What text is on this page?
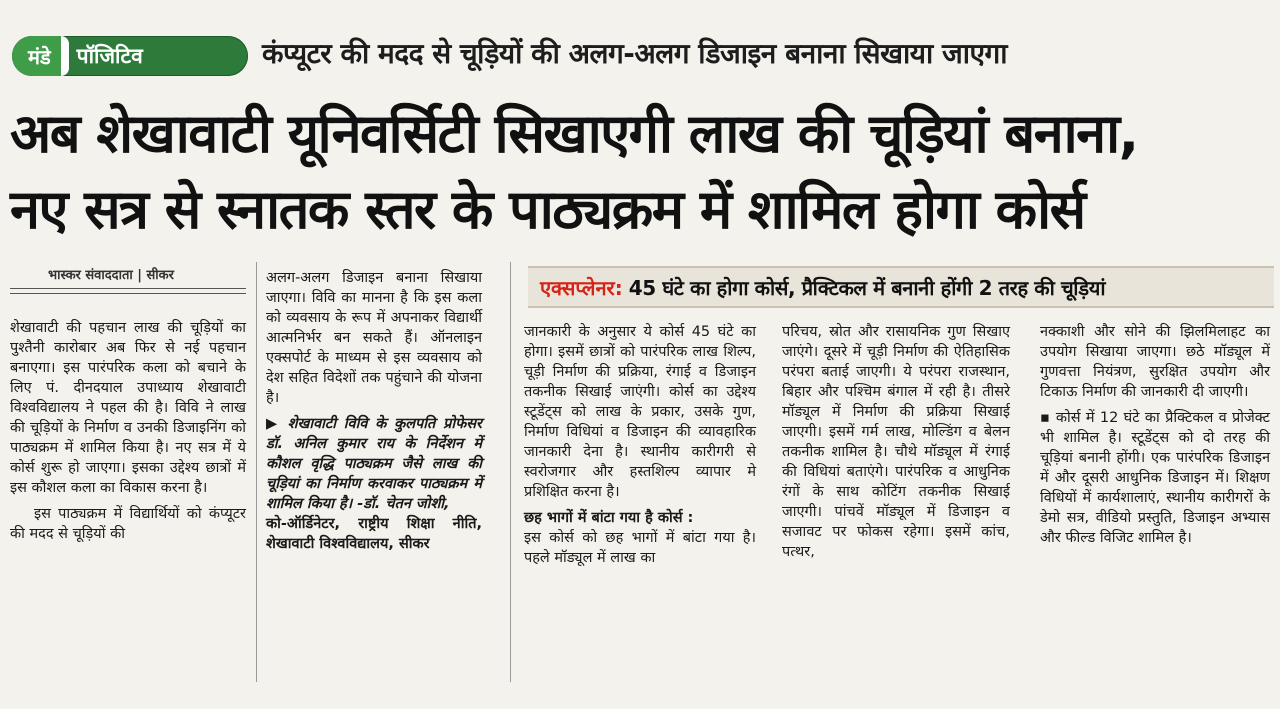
मंडे	पॉजिटिव	कंप्यूटर की मदद से चूड़ियों की अलग-अलग डिजाइन बनाना सिखाया जाएगा
अब शेखावाटी यूनिवर्सिटी सिखाएगी लाख की चूड़ियां बनाना,
नए सत्र से स्नातक स्तर के पाठ्यक्रम में शामिल होगा कोर्स
भास्कर संवाददाता | सीकर

शेखावाटी की पहचान लाख की चूड़ियों का पुश्तैनी कारोबार अब फिर से नई पहचान बनाएगा। इस पारंपरिक कला को बचाने के लिए पं. दीनदयाल उपाध्याय शेखावाटी विश्वविद्यालय ने पहल की है। विवि ने लाख की चूड़ियों के निर्माण व उनकी डिजाइनिंग को पाठ्यक्रम में शामिल किया है। नए सत्र में ये कोर्स शुरू हो जाएगा। इसका उद्देश्य छात्रों में इस कौशल कला का विकास करना है।

इस पाठ्यक्रम में विद्यार्थियों को कंप्यूटर की मदद से चूड़ियों की

अलग-अलग डिजाइन बनाना सिखाया जाएगा। विवि का मानना है कि इस कला को व्यवसाय के रूप में अपनाकर विद्यार्थी आत्मनिर्भर बन सकते हैं। ऑनलाइन एक्सपोर्ट के माध्यम से इस व्यवसाय को देश सहित विदेशों तक पहुंचाने की योजना है।

▶ शेखावाटी विवि के कुलपति प्रोफेसर डॉ. अनिल कुमार राय के निर्देशन में कौशल वृद्धि पाठ्यक्रम जैसे लाख की चूड़ियां का निर्माण करवाकर पाठ्यक्रम में शामिल किया है। -डॉ. चेतन जोशी,

को-ऑर्डिनेटर, राष्ट्रीय शिक्षा नीति, शेखावाटी विश्वविद्यालय, सीकर

एक्सप्लेनर: 45 घंटे का होगा कोर्स, प्रैक्टिकल में बनानी होंगी 2 तरह की चूड़ियां

जानकारी के अनुसार ये कोर्स 45 घंटे का होगा। इसमें छात्रों को पारंपरिक लाख शिल्प, चूड़ी निर्माण की प्रक्रिया, रंगाई व डिजाइन तकनीक सिखाई जाएंगी। कोर्स का उद्देश्य स्टूडेंट्स को लाख के प्रकार, उसके गुण, निर्माण विधियां व डिजाइन की व्यावहारिक जानकारी देना है। स्थानीय कारीगरी से स्वरोजगार और हस्तशिल्प व्यापार मे प्रशिक्षित करना है।

छह भागों में बांटा गया है कोर्स :

इस कोर्स को छह भागों में बांटा गया है। पहले मॉड्यूल में लाख का

परिचय, स्रोत और रासायनिक गुण सिखाए जाएंगे। दूसरे में चूड़ी निर्माण की ऐतिहासिक परंपरा बताई जाएगी। ये परंपरा राजस्थान, बिहार और पश्चिम बंगाल में रही है। तीसरे मॉड्यूल में निर्माण की प्रक्रिया सिखाई जाएगी। इसमें गर्म लाख, मोल्डिंग व बेलन तकनीक शामिल है। चौथे मॉड्यूल में रंगाई की विधियां बताएंगे। पारंपरिक व आधुनिक रंगों के साथ कोटिंग तकनीक सिखाई जाएगी। पांचवें मॉड्यूल में डिजाइन व सजावट पर फोकस रहेगा। इसमें कांच, पत्थर,

नक्काशी और सोने की झिलमिलाहट का उपयोग सिखाया जाएगा। छठे मॉड्यूल में गुणवत्ता नियंत्रण, सुरक्षित उपयोग और टिकाऊ निर्माण की जानकारी दी जाएगी।

▪ कोर्स में 12 घंटे का प्रैक्टिकल व प्रोजेक्ट भी शामिल है। स्टूडेंट्स को दो तरह की चूड़ियां बनानी होंगी। एक पारंपरिक डिजाइन में और दूसरी आधुनिक डिजाइन में। शिक्षण विधियों में कार्यशालाएं, स्थानीय कारीगरों के डेमो सत्र, वीडियो प्रस्तुति, डिजाइन अभ्यास और फील्ड विजिट शामिल है।
